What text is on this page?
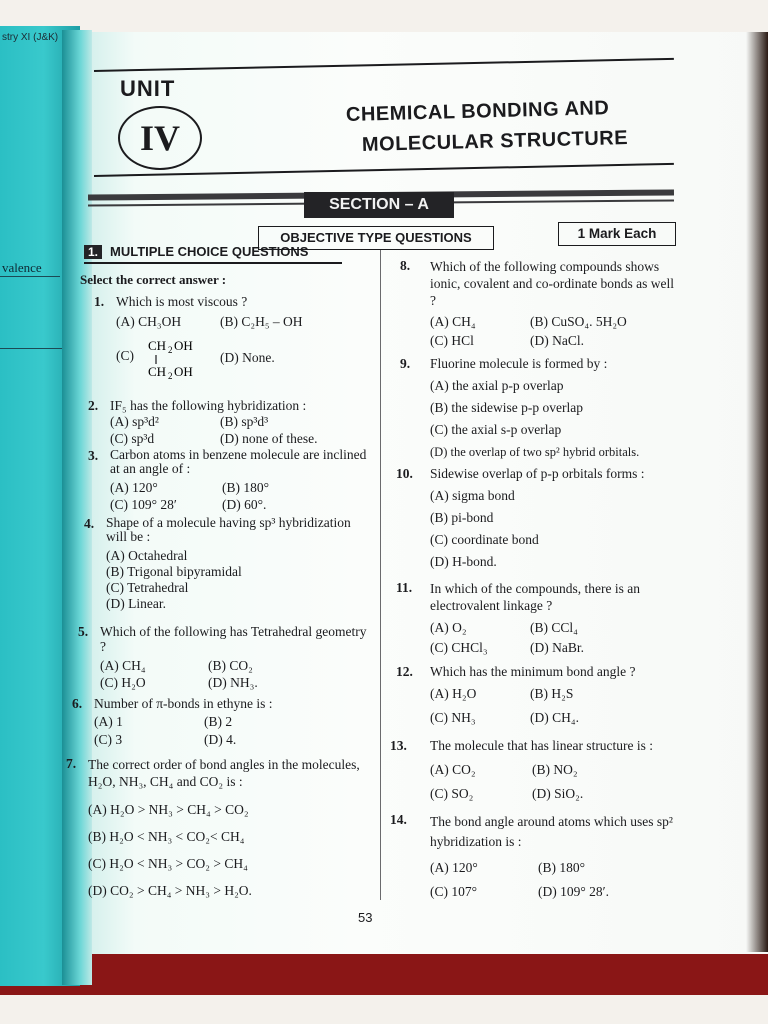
stry XI (J&K)
valence
UNIT
IV
CHEMICAL BONDING AND
MOLECULAR STRUCTURE
SECTION – A
OBJECTIVE TYPE QUESTIONS	1 Mark Each
1. MULTIPLE CHOICE QUESTIONS
Select the correct answer :
1. Which is most viscous ?
(A) CH₃OH	(B) C₂H₅ – OH
(C)
CH 2 OH
CH 2 OH
(D) None.
2. IF₅ has the following hybridization :
(A) sp³d²	(B) sp³d³
(C) sp³d	(D) none of these.
3. Carbon atoms in benzene molecule are inclined at an angle of :
(A) 120°	(B) 180°
(C) 109° 28′	(D) 60°.
4. Shape of a molecule having sp³ hybridization will be :
(A) Octahedral
(B) Trigonal bipyramidal
(C) Tetrahedral
(D) Linear.
5. Which of the following has Tetrahedral geometry ?
(A) CH₄	(B) CO₂
(C) H₂O	(D) NH₃.
6. Number of π-bonds in ethyne is :
(A) 1	(B) 2
(C) 3	(D) 4.
7. The correct order of bond angles in the molecules, H₂O, NH₃, CH₄ and CO₂ is :
(A) H₂O > NH₃ > CH₄ > CO₂
(B) H₂O < NH₃ < CO₂< CH₄
(C) H₂O < NH₃ > CO₂ > CH₄
(D) CO₂ > CH₄ > NH₃ > H₂O.
8. Which of the following compounds shows ionic, covalent and co-ordinate bonds as well ?
(A) CH₄	(B) CuSO₄. 5H₂O
(C) HCl	(D) NaCl.
9. Fluorine molecule is formed by :
(A) the axial p-p overlap
(B) the sidewise p-p overlap
(C) the axial s-p overlap
(D) the overlap of two sp² hybrid orbitals.
10. Sidewise overlap of p-p orbitals forms :
(A) sigma bond
(B) pi-bond
(C) coordinate bond
(D) H-bond.
11. In which of the compounds, there is an electrovalent linkage ?
(A) O₂	(B) CCl₄
(C) CHCl₃	(D) NaBr.
12. Which has the minimum bond angle ?
(A) H₂O	(B) H₂S
(C) NH₃	(D) CH₄.
13. The molecule that has linear structure is :
(A) CO₂	(B) NO₂
(C) SO₂	(D) SiO₂.
14. The bond angle around atoms which uses sp² hybridization is :
(A) 120°	(B) 180°
(C) 107°	(D) 109° 28′.
53
